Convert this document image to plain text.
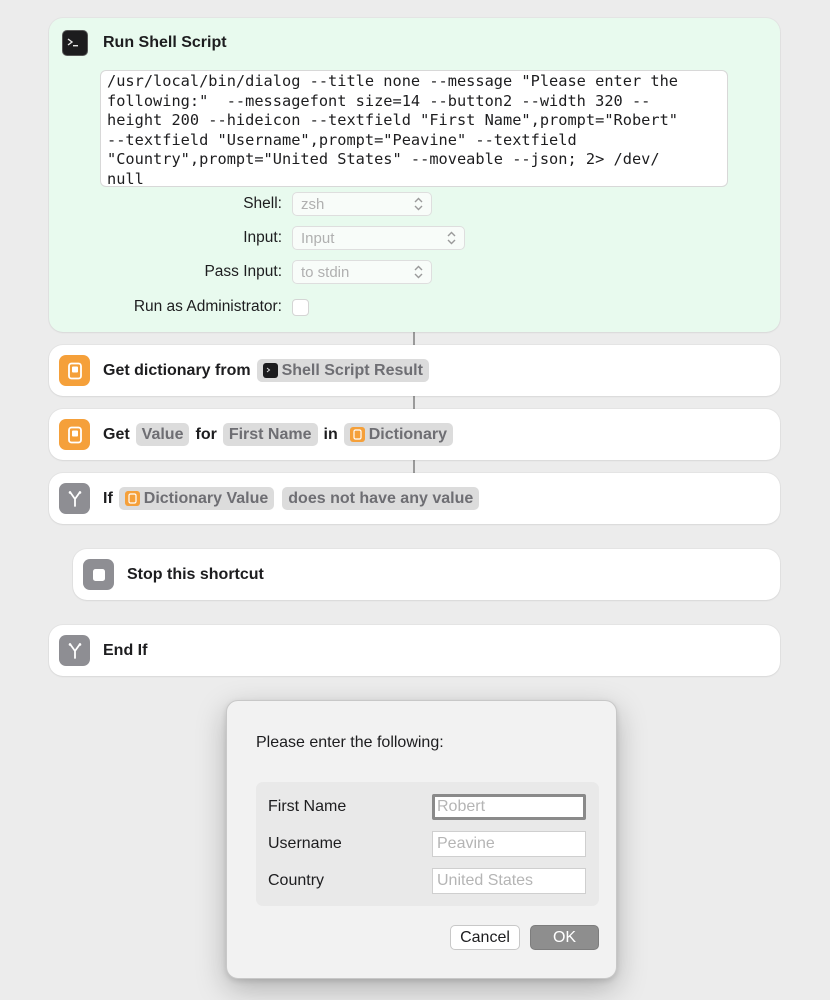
Run Shell Script
/usr/local/bin/dialog --title none --message "Please enter the
following:"  --messagefont size=14 --button2 --width 320 --
height 200 --hideicon --textfield "First Name",prompt="Robert"
--textfield "Username",prompt="Peavine" --textfield
"Country",prompt="United States" --moveable --json; 2> /dev/
null
Shell: zsh
Input: Input
Pass Input: to stdin
Run as Administrator:
Get dictionary from Shell Script Result
Get Value for First Name in Dictionary
If Dictionary Value	does not have any value
Stop this shortcut
End If
Please enter the following:
First Name	Robert
Username	Peavine
Country	United States
Cancel	OK
